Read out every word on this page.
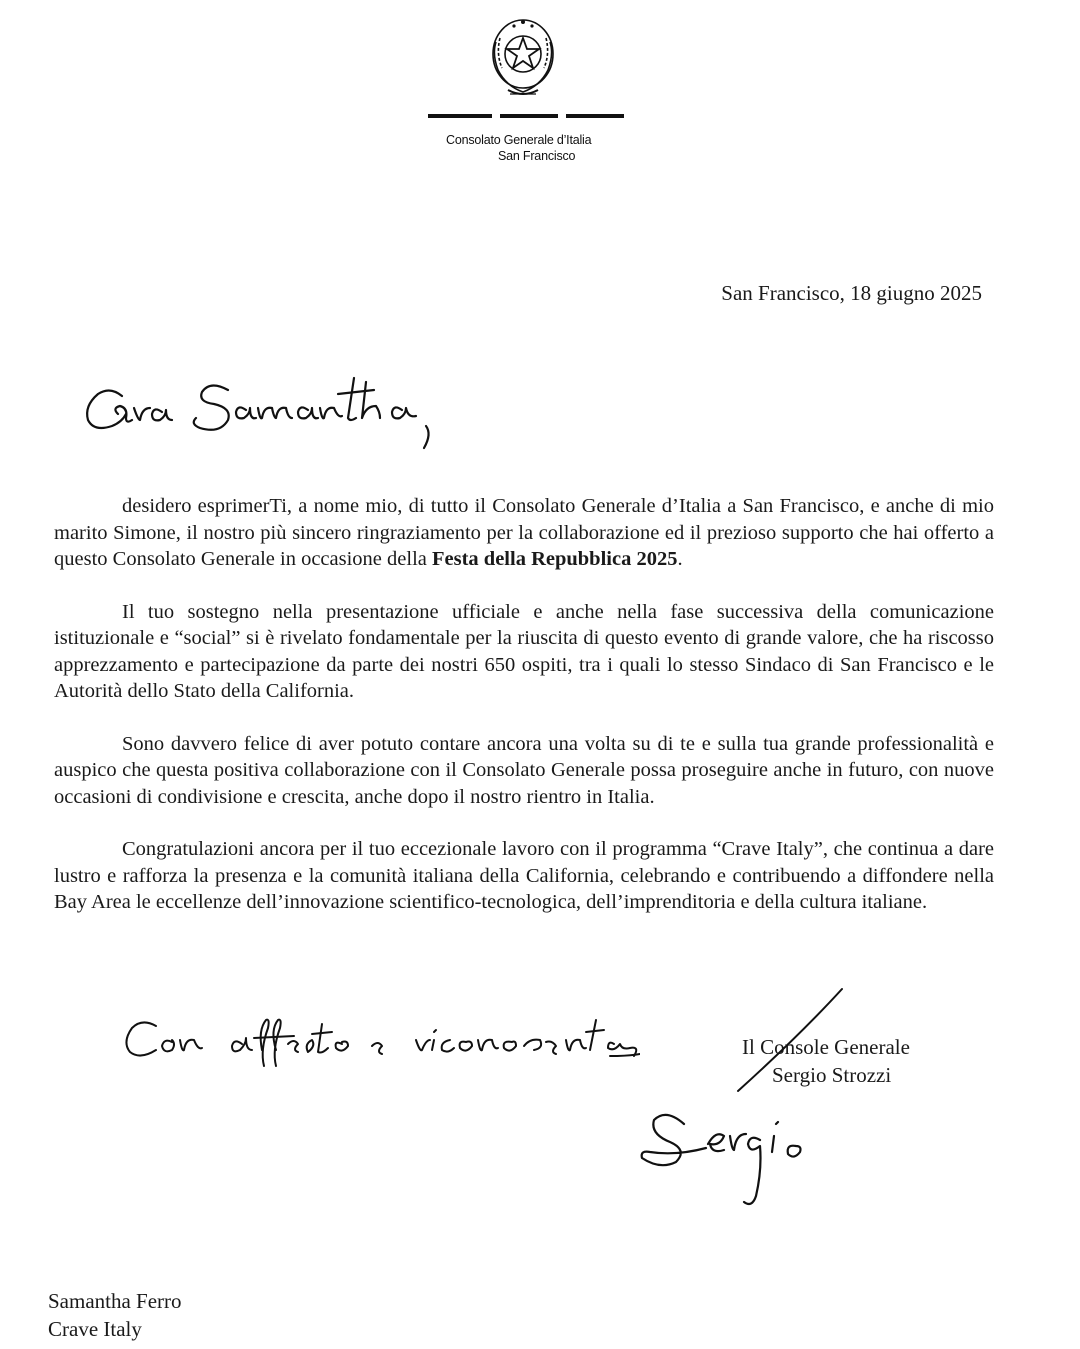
Consolato Generale d’Italia
San Francisco
San Francisco, 18 giugno 2025

desidero esprimerTi, a nome mio, di tutto il Consolato Generale d’Italia a San Francisco, e anche di mio marito Simone, il nostro più sincero ringraziamento per la collaborazione ed il prezioso supporto che hai offerto a questo Consolato Generale in occasione della Festa della Repubblica 2025.

Il tuo sostegno nella presentazione ufficiale e anche nella fase successiva della comunicazione istituzionale e “social” si è rivelato fondamentale per la riuscita di questo evento di grande valore, che ha riscosso apprezzamento e partecipazione da parte dei nostri 650 ospiti, tra i quali lo stesso Sindaco di San Francisco e le Autorità dello Stato della California.

Sono davvero felice di aver potuto contare ancora una volta su di te e sulla tua grande professionalità e auspico che questa positiva collaborazione con il Consolato Generale possa proseguire anche in futuro, con nuove occasioni di condivisione e crescita, anche dopo il nostro rientro in Italia.

Congratulazioni ancora per il tuo eccezionale lavoro con il programma “Crave Italy”, che continua a dare lustro e rafforza la presenza e la comunità italiana della California, celebrando e contribuendo a diffondere nella Bay Area le eccellenze dell’innovazione scientifico-tecnologica, dell’imprenditoria e della cultura italiane.

Il Console Generale
Sergio Strozzi
Samantha Ferro
Crave Italy
